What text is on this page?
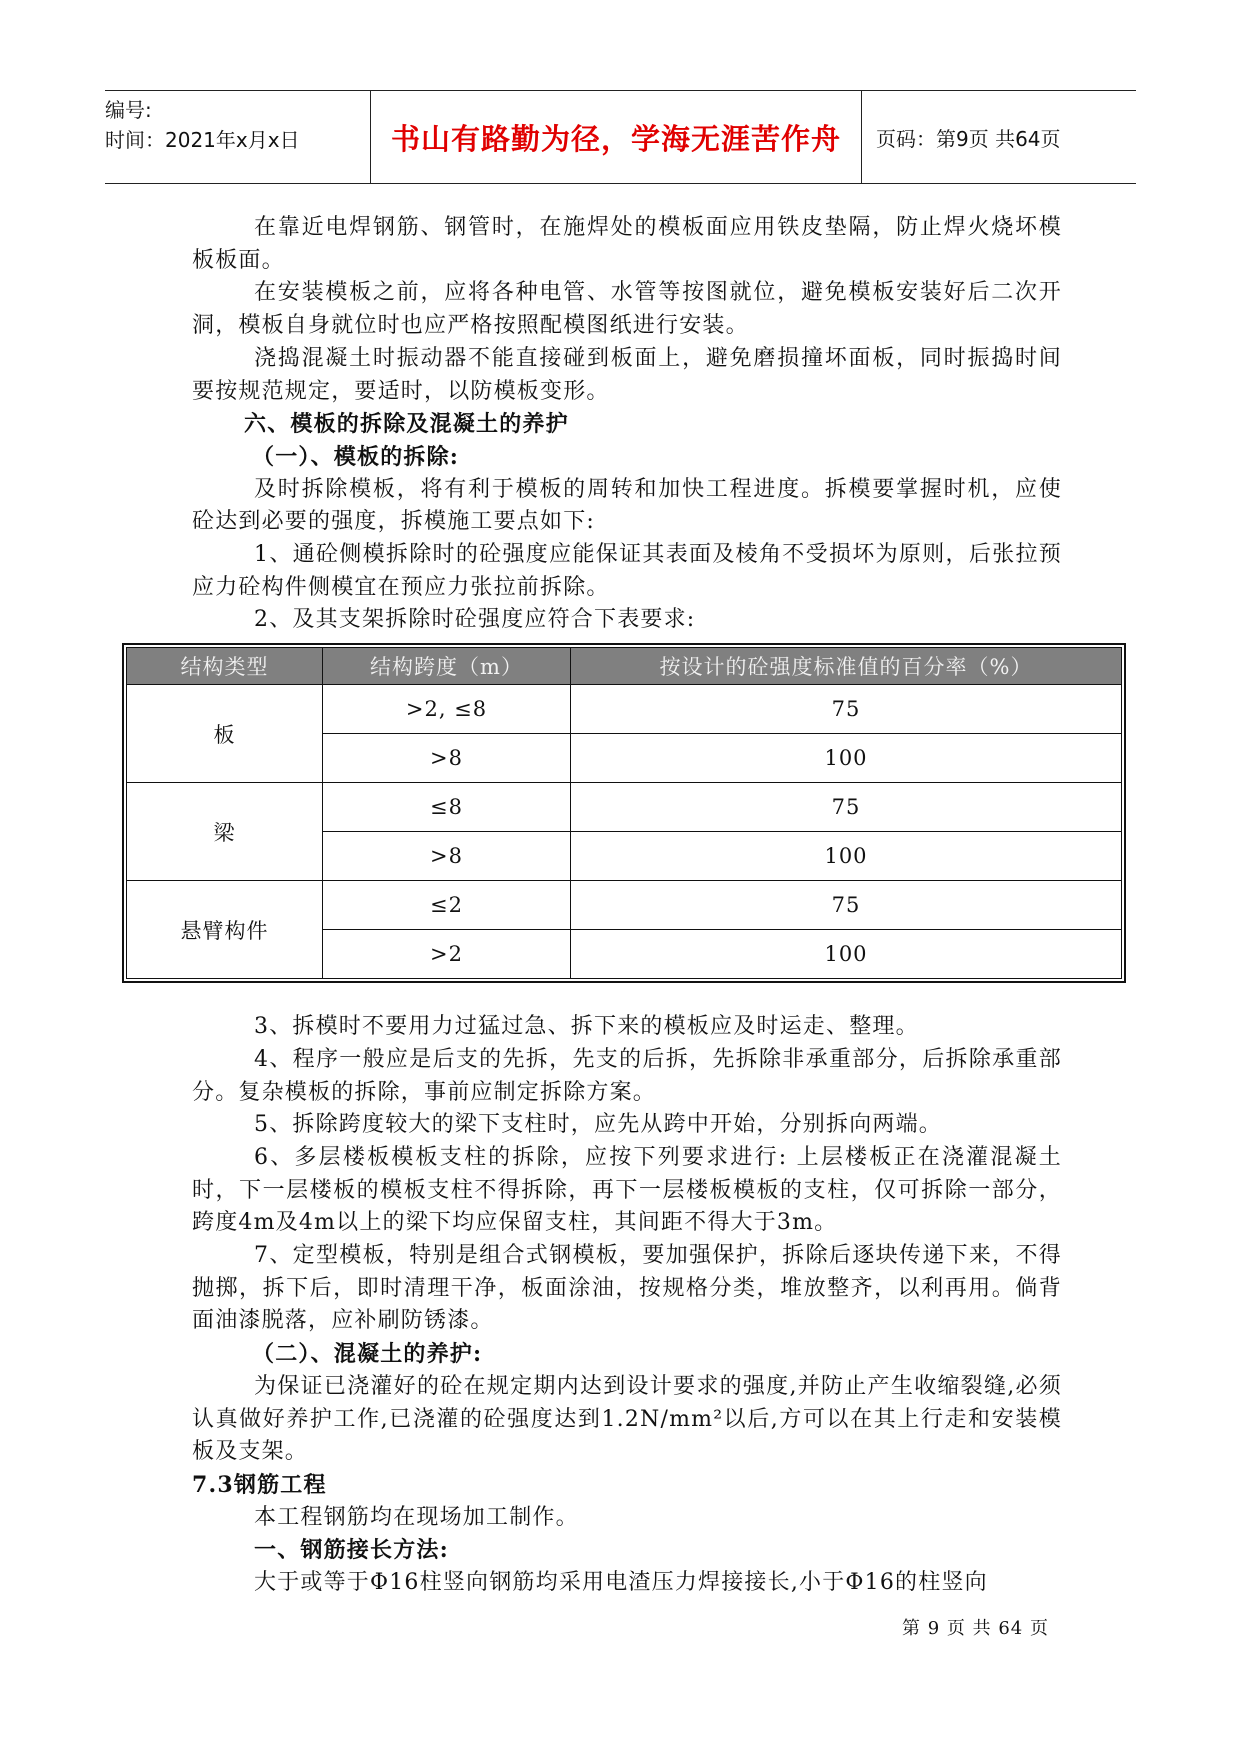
编号:
时间：2021年x月x日	书山有路勤为径，学海无涯苦作舟	页码：第9页 共64页

在靠近电焊钢筋、钢管时，在施焊处的模板面应用铁皮垫隔，防止焊火烧坏模板板面。

在安装模板之前，应将各种电管、水管等按图就位，避免模板安装好后二次开洞，模板自身就位时也应严格按照配模图纸进行安装。

浇捣混凝土时振动器不能直接碰到板面上，避免磨损撞坏面板，同时振捣时间要按规范规定，要适时，以防模板变形。

六、模板的拆除及混凝土的养护

（一）、模板的拆除:

及时拆除模板，将有利于模板的周转和加快工程进度。拆模要掌握时机，应使砼达到必要的强度，拆模施工要点如下:

1、通砼侧模拆除时的砼强度应能保证其表面及棱角不受损坏为原则，后张拉预应力砼构件侧模宜在预应力张拉前拆除。

2、及其支架拆除时砼强度应符合下表要求:

结构类型	结构跨度（m）	按设计的砼强度标准值的百分率（%）
板	>2, ≤8	75
	>8	100
梁	≤8	75
	>8	100
悬臂构件	≤2	75
	>2	100

3、拆模时不要用力过猛过急、拆下来的模板应及时运走、整理。

4、程序一般应是后支的先拆，先支的后拆，先拆除非承重部分，后拆除承重部分。复杂模板的拆除，事前应制定拆除方案。

5、拆除跨度较大的梁下支柱时，应先从跨中开始，分别拆向两端。

6、多层楼板模板支柱的拆除，应按下列要求进行: 上层楼板正在浇灌混凝土时，下一层楼板的模板支柱不得拆除，再下一层楼板模板的支柱，仅可拆除一部分，跨度4m及4m以上的梁下均应保留支柱，其间距不得大于3m。

7、定型模板，特别是组合式钢模板，要加强保护，拆除后逐块传递下来，不得抛掷，拆下后，即时清理干净，板面涂油，按规格分类，堆放整齐，以利再用。倘背面油漆脱落，应补刷防锈漆。

（二）、混凝土的养护:

为保证已浇灌好的砼在规定期内达到设计要求的强度,并防止产生收缩裂缝,必须认真做好养护工作,已浇灌的砼强度达到1.2N/mm²以后,方可以在其上行走和安装模板及支架。

7.3钢筋工程

本工程钢筋均在现场加工制作。

一、钢筋接长方法:

大于或等于Φ16柱竖向钢筋均采用电渣压力焊接接长,小于Φ16的柱竖向

第 9 页 共 64 页
